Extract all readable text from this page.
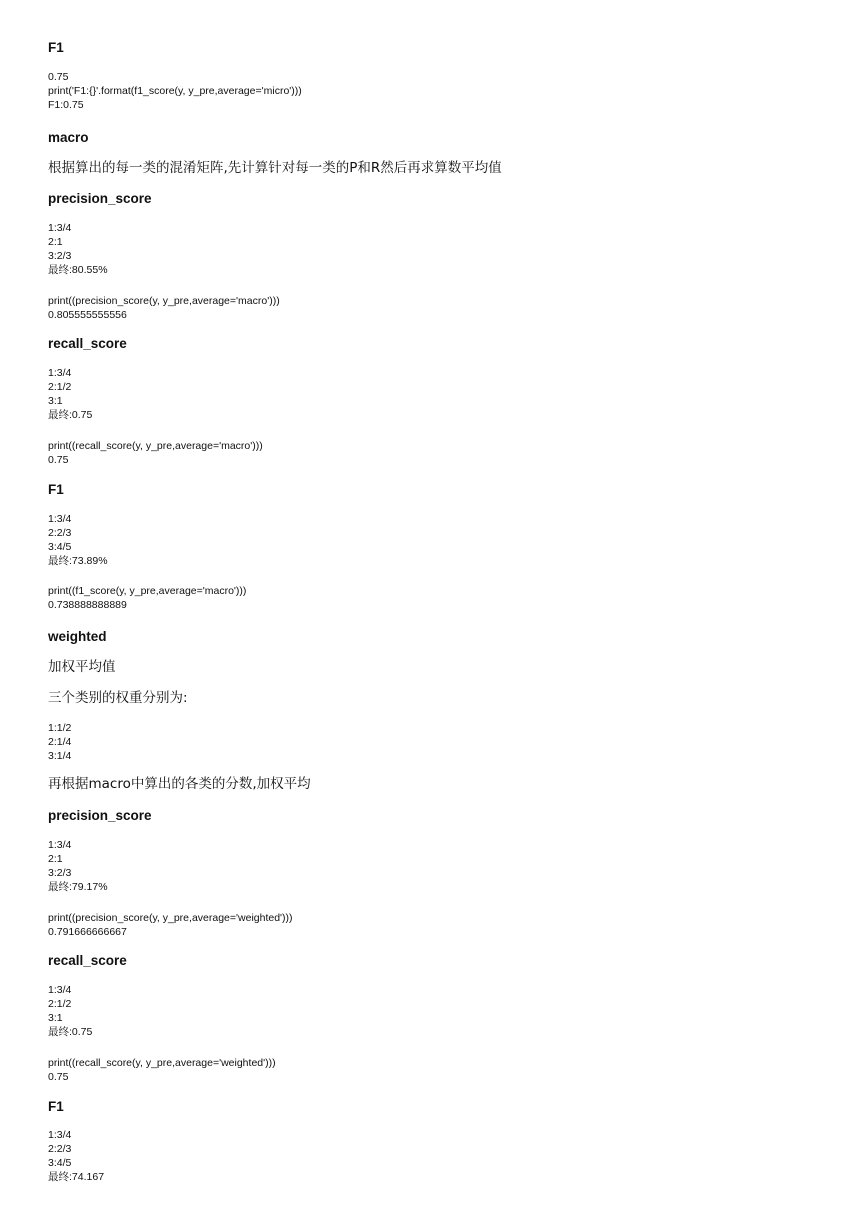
F1
0.75
print('F1:{}'.format(f1_score(y, y_pre,average='micro')))
F1:0.75
macro
根据算出的每一类的混淆矩阵,先计算针对每一类的P和R然后再求算数平均值
precision_score
1:3/4
2:1
3:2/3
最终:80.55%
print((precision_score(y, y_pre,average='macro')))
0.805555555556
recall_score
1:3/4
2:1/2
3:1
最终:0.75
print((recall_score(y, y_pre,average='macro')))
0.75
F1
1:3/4
2:2/3
3:4/5
最终:73.89%
print((f1_score(y, y_pre,average='macro')))
0.738888888889
weighted
加权平均值
三个类别的权重分别为:
1:1/2
2:1/4
3:1/4
再根据macro中算出的各类的分数,加权平均
precision_score
1:3/4
2:1
3:2/3
最终:79.17%
print((precision_score(y, y_pre,average='weighted')))
0.791666666667
recall_score
1:3/4
2:1/2
3:1
最终:0.75
print((recall_score(y, y_pre,average='weighted')))
0.75
F1
1:3/4
2:2/3
3:4/5
最终:74.167
